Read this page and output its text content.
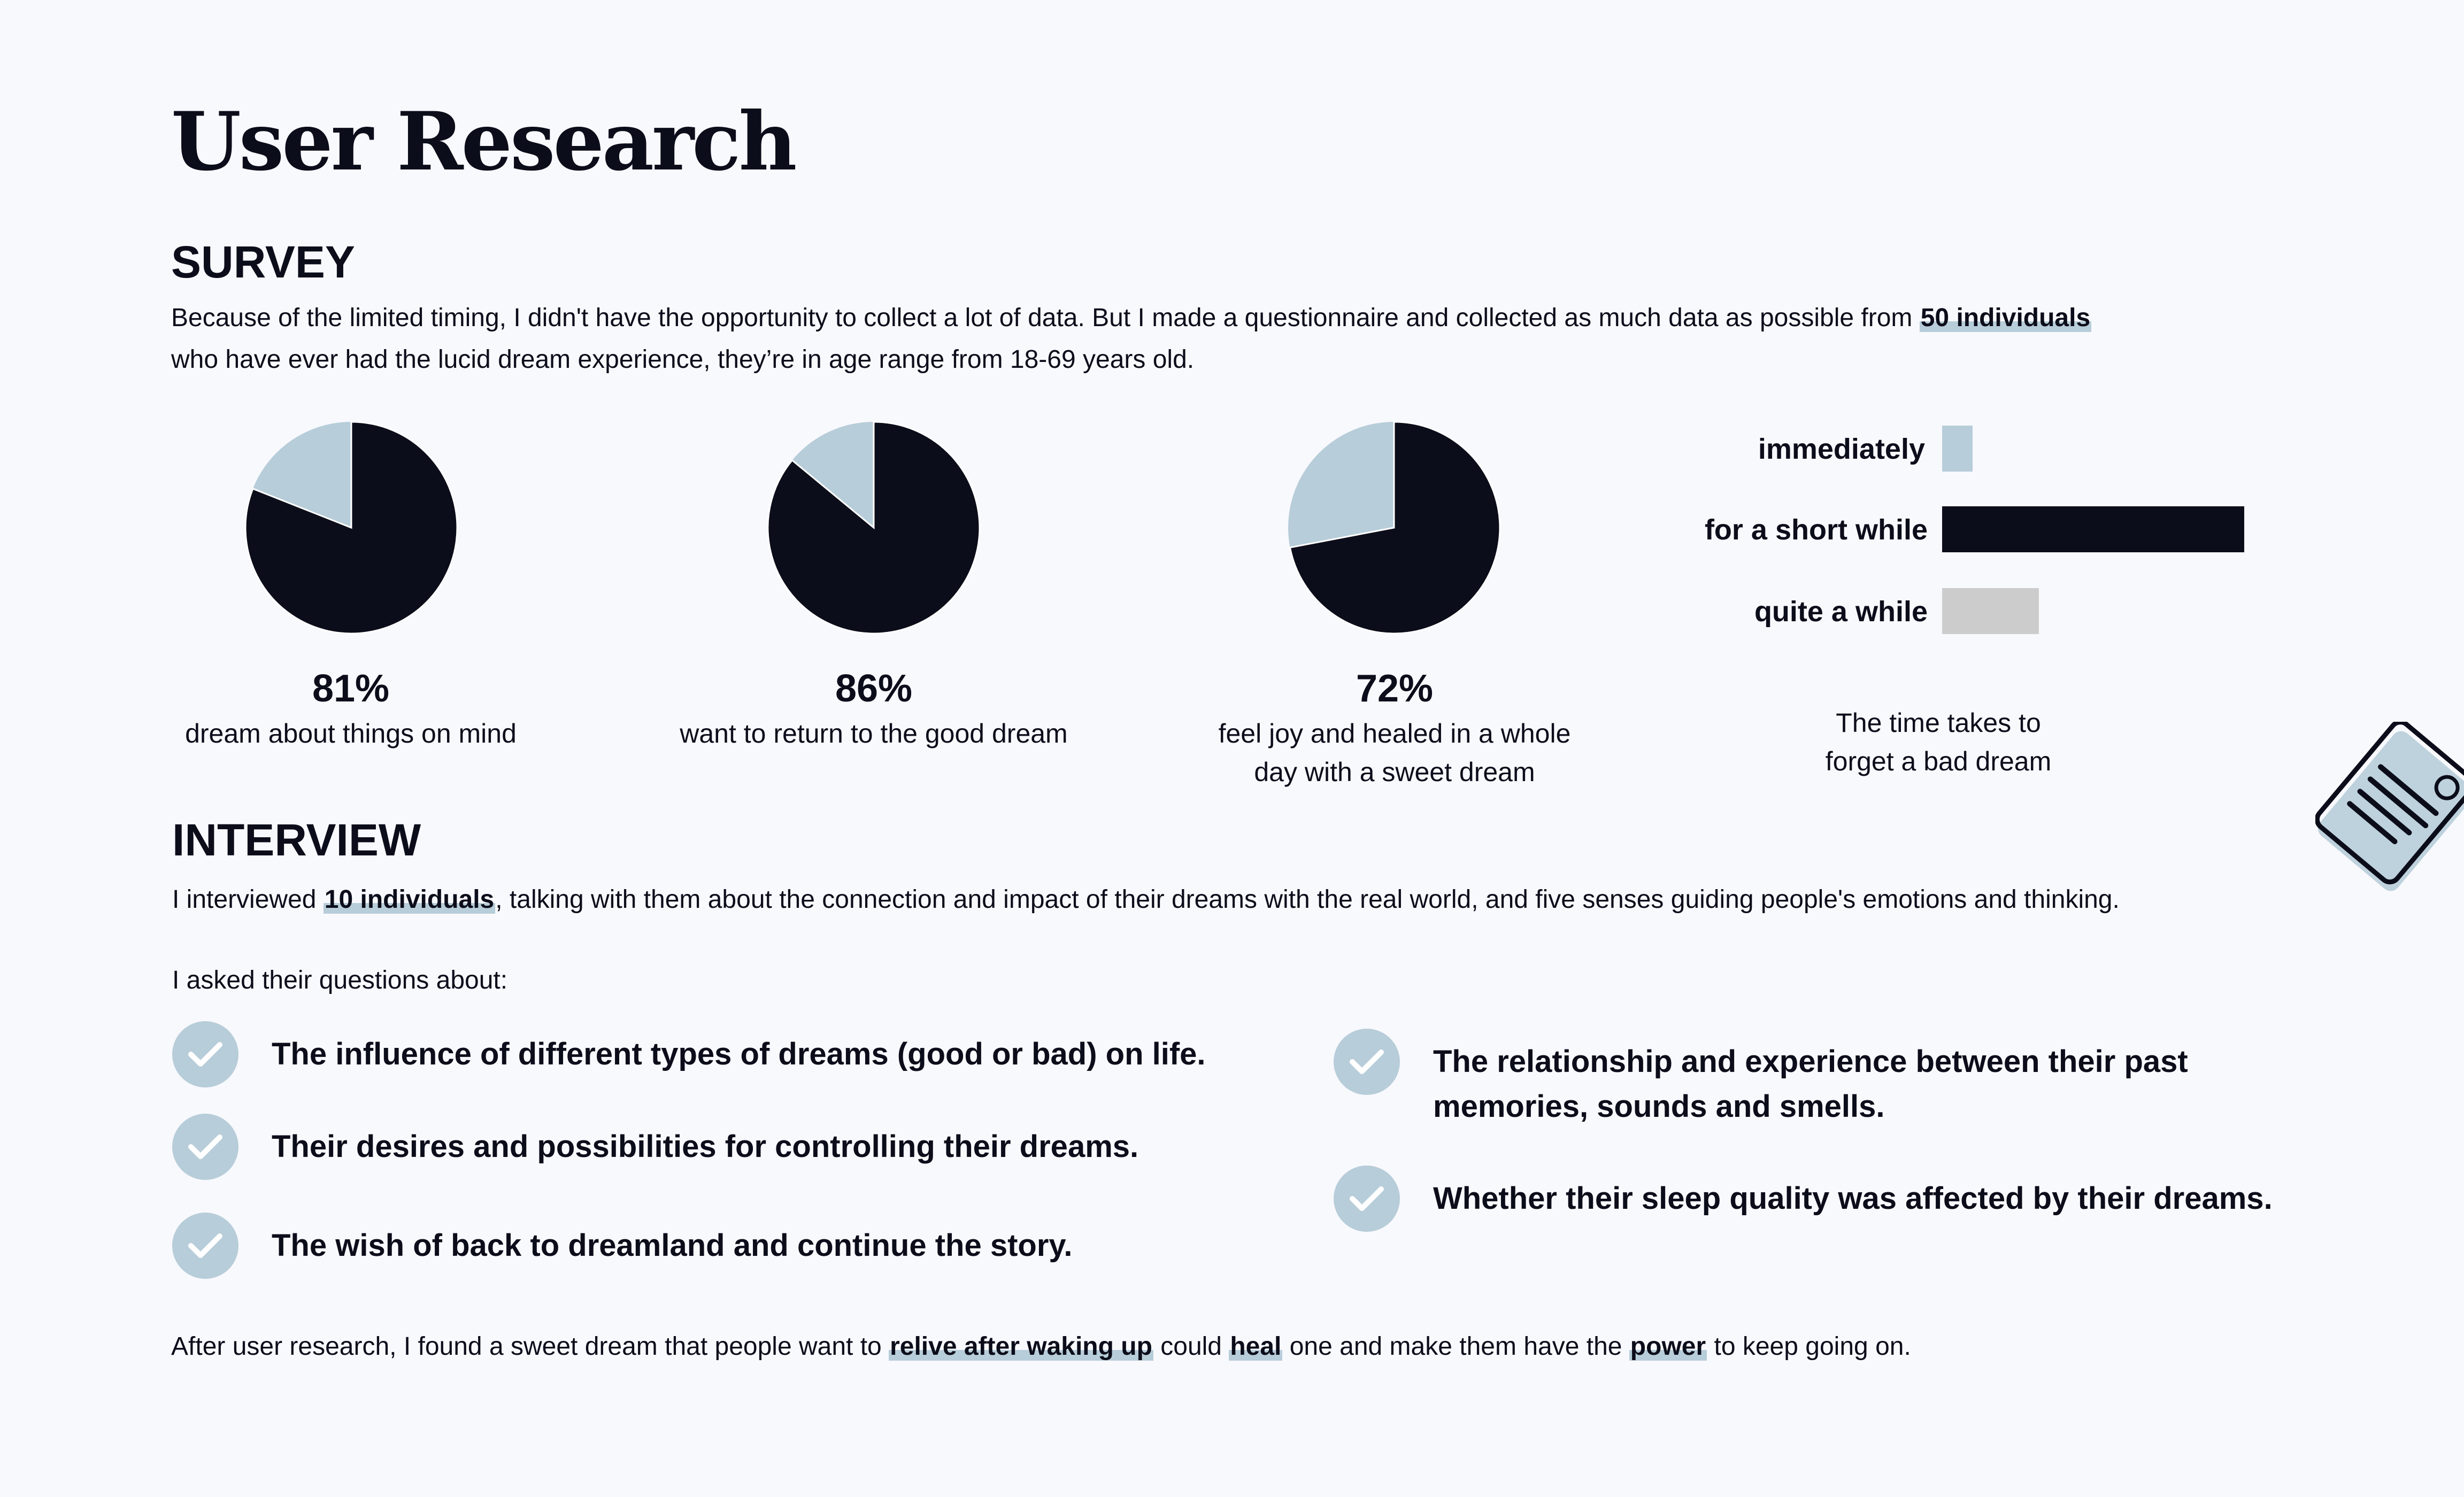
User Research
SURVEY
Because of the limited timing, I didn't have the opportunity to collect a lot of data. But I made a questionnaire and collected as much data as possible from 50 individuals
who have ever had the lucid dream experience, they’re in age range from 18-69 years old.
81%
dream about things on mind
86%
want to return to the good dream
72%
feel joy and healed in a whole
day with a sweet dream
immediately
for a short while
quite a while
The time takes to
forget a bad dream
INTERVIEW
I interviewed 10 individuals, talking with them about the connection and impact of their dreams with the real world, and five senses guiding people's emotions and thinking.
I asked their questions about:
The influence of different types of dreams (good or bad) on life.
Their desires and possibilities for controlling their dreams.
The wish of back to dreamland and continue the story.
The relationship and experience between their past
memories, sounds and smells.
Whether their sleep quality was affected by their dreams.
After user research, I found a sweet dream that people want to relive after waking up could heal one and make them have the power to keep going on.
